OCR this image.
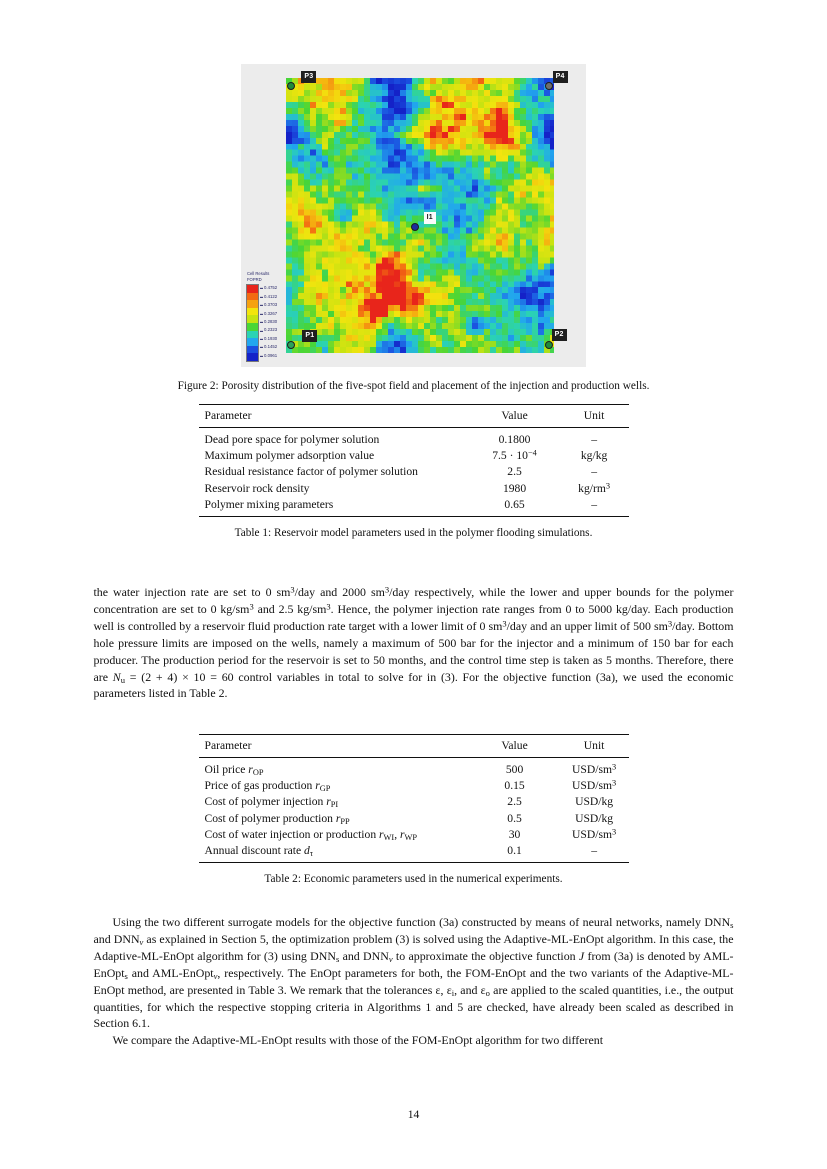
P3	P4
I1
P1	P2
Cell Results
FOPRD
0.4752
0.4122
0.3703
0.3267
0.2830
0.2323
0.1930
0.1452
0.0961
Figure 2: Porosity distribution of the five-spot field and placement of the injection and production wells.
Parameter	Value	Unit
Dead pore space for polymer solution	0.1800	–
Maximum polymer adsorption value	$7.5 \cdot 10^{-4}$	kg/kg
Residual resistance factor of polymer solution	2.5	–
Reservoir rock density	1980	$kg/rm^3$
Polymer mixing parameters	0.65	–
Table 1: Reservoir model parameters used in the polymer flooding simulations.

the water injection rate are set to 0 $sm^3$/day and 2000 $sm^3$/day respectively, while the lower and upper bounds for the polymer concentration are set to 0 $kg/sm^3$ and 2.5 $kg/sm^3$. Hence, the polymer injection rate ranges from 0 to 5000 kg/day. Each production well is controlled by a reservoir fluid production rate target with a lower limit of 0 $sm^3$/day and an upper limit of 500 $sm^3$/day. Bottom hole pressure limits are imposed on the wells, namely a maximum of 500 bar for the injector and a minimum of 150 bar for each producer. The production period for the reservoir is set to 50 months, and the control time step is taken as 5 months. Therefore, there are $N_u = (2 + 4) \times 10 = 60$ control variables in total to solve for in (3). For the objective function (3a), we used the economic parameters listed in Table 2.

Parameter	Value	Unit
Oil price $r_{OP}$	500	USD/$sm^3$
Price of gas production $r_{GP}$	0.15	USD/$sm^3$
Cost of polymer injection $r_{PI}$	2.5	USD/kg
Cost of polymer production $r_{PP}$	0.5	USD/kg
Cost of water injection or production $r_{WI}$, $r_{WP}$	30	USD/$sm^3$
Annual discount rate $d_\tau$	0.1	–
Table 2: Economic parameters used in the numerical experiments.

Using the two different surrogate models for the objective function (3a) constructed by means of neural networks, namely $DNN_s$ and $DNN_v$ as explained in Section 5, the optimization problem (3) is solved using the Adaptive-ML-EnOpt algorithm. In this case, the Adaptive-ML-EnOpt algorithm for (3) using $DNN_s$ and $DNN_v$ to approximate the objective function J from (3a) is denoted by AML-EnOpt$_s$ and AML-EnOpt$_v$, respectively. The EnOpt parameters for both, the FOM-EnOpt and the two variants of the Adaptive-ML-EnOpt method, are presented in Table 3. We remark that the tolerances ε, $\varepsilon_i$, and $\varepsilon_o$ are applied to the scaled quantities, i.e., the output quantities, for which the respective stopping criteria in Algorithms 1 and 5 are checked, have already been scaled as described in Section 6.1.

We compare the Adaptive-ML-EnOpt results with those of the FOM-EnOpt algorithm for two different

14
